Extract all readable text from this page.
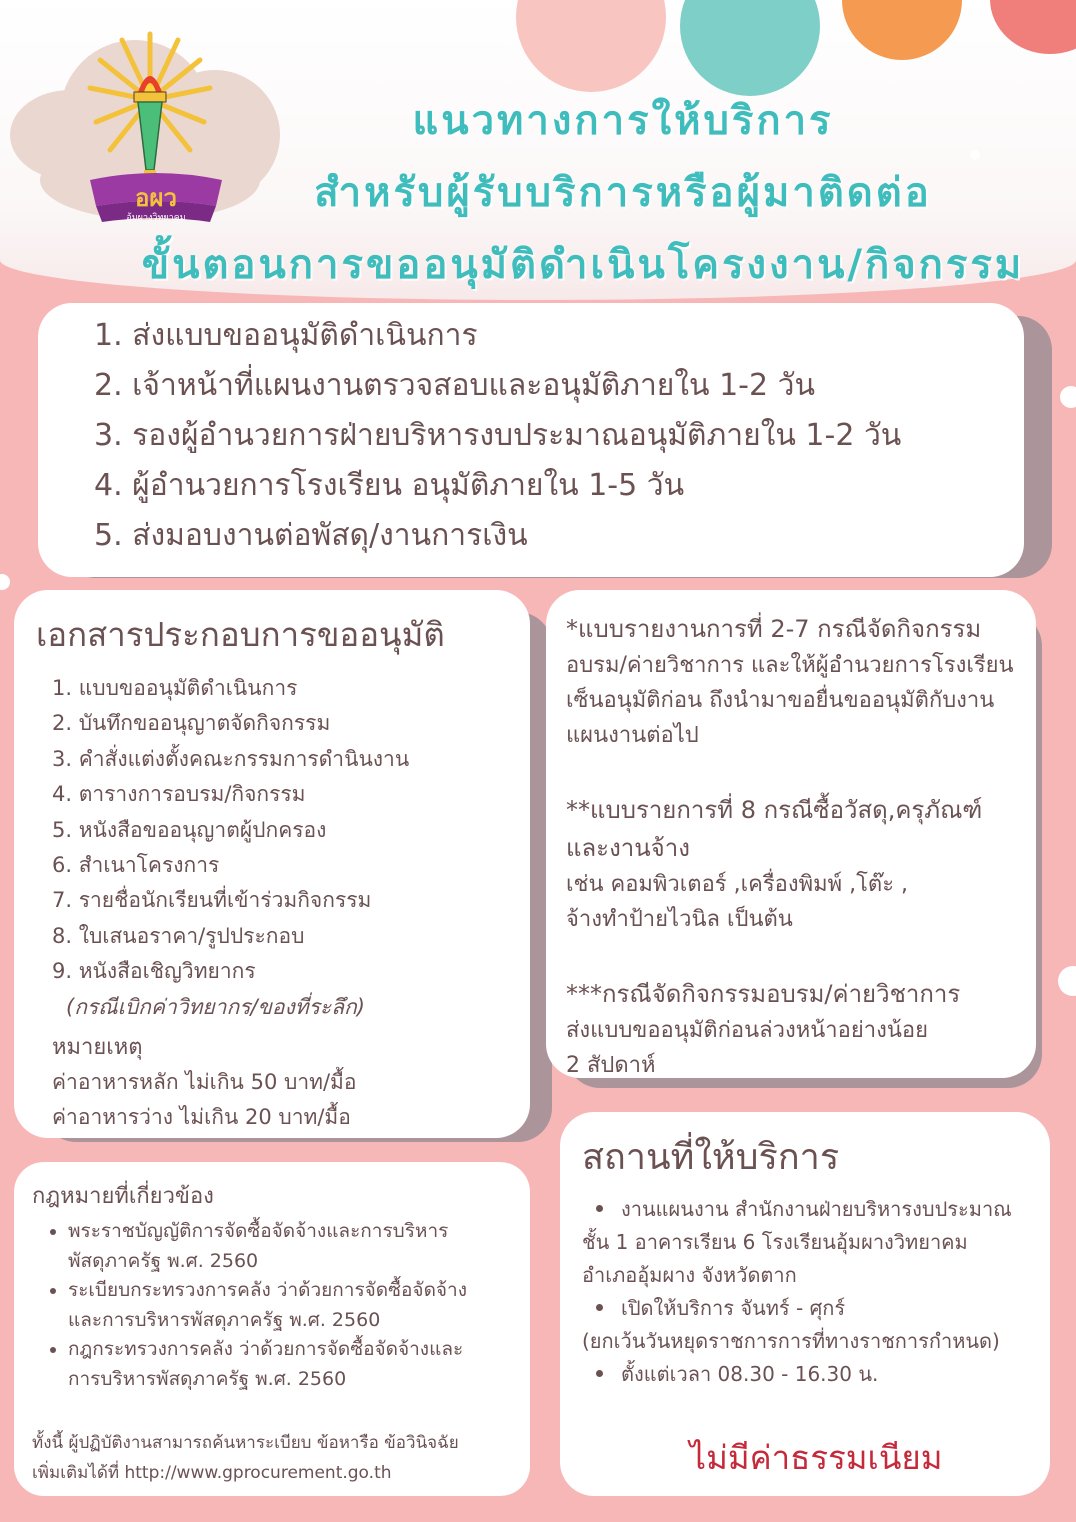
อผว
อุ้มผางวิทยาคม
แนวทางการให้บริการ
สำหรับผู้รับบริการหรือผู้มาติดต่อ
ขั้นตอนการขออนุมัติดำเนินโครงงาน/กิจกรรม
1. ส่งแบบขออนุมัติดำเนินการ
2. เจ้าหน้าที่แผนงานตรวจสอบและอนุมัติภายใน 1-2 วัน
3. รองผู้อำนวยการฝ่ายบริหารงบประมาณอนุมัติภายใน 1-2 วัน
4. ผู้อำนวยการโรงเรียน อนุมัติภายใน 1-5 วัน
5. ส่งมอบงานต่อพัสดุ/งานการเงิน
เอกสารประกอบการขออนุมัติ
1. แบบขออนุมัติดำเนินการ
2. บันทึกขออนุญาตจัดกิจกรรม
3. คำสั่งแต่งตั้งคณะกรรมการดำนินงาน
4. ตารางการอบรม/กิจกรรม
5. หนังสือขออนุญาตผู้ปกครอง
6. สำเนาโครงการ
7. รายชื่อนักเรียนที่เข้าร่วมกิจกรรม
8. ใบเสนอราคา/รูปประกอบ
9. หนังสือเชิญวิทยากร
(กรณีเบิกค่าวิทยากร/ของที่ระลึก)
หมายเหตุ
ค่าอาหารหลัก ไม่เกิน 50 บาท/มื้อ
ค่าอาหารว่าง ไม่เกิน 20 บาท/มื้อ

*แบบรายงานการที่ 2-7 กรณีจัดกิจกรรม

อบรม/ค่ายวิชาการ และให้ผู้อำนวยการโรงเรียน

เซ็นอนุมัติก่อน ถึงนำมาขอยื่นขออนุมัติกับงาน

แผนงานต่อไป

**แบบรายการที่ 8 กรณีซื้อวัสดุ,ครุภัณฑ์

และงานจ้าง

เช่น คอมพิวเตอร์ ,เครื่องพิมพ์ ,โต๊ะ ,

จ้างทำป้ายไวนิล เป็นต้น

***กรณีจัดกิจกรรมอบรม/ค่ายวิชาการ

ส่งแบบขออนุมัติก่อนล่วงหน้าอย่างน้อย

2 สัปดาห์

กฎหมายที่เกี่ยวข้อง
• พระราชบัญญัติการจัดซื้อจัดจ้างและการบริหาร
พัสดุภาครัฐ พ.ศ. 2560
• ระเบียบกระทรวงการคลัง ว่าด้วยการจัดซื้อจัดจ้าง
และการบริหารพัสดุภาครัฐ พ.ศ. 2560
• กฎกระทรวงการคลัง ว่าด้วยการจัดซื้อจัดจ้างและ
การบริหารพัสดุภาครัฐ พ.ศ. 2560
ทั้งนี้ ผู้ปฏิบัติงานสามารถค้นหาระเบียบ ข้อหารือ ข้อวินิจฉัย
เพิ่มเติมได้ที่ http://www.gprocurement.go.th
สถานที่ให้บริการ
งานแผนงาน สำนักงานฝ่ายบริหารงบประมาณ
ชั้น 1 อาคารเรียน 6 โรงเรียนอุ้มผางวิทยาคม
อำเภออุ้มผาง จังหวัดตาก
เปิดให้บริการ จันทร์ - ศุกร์
(ยกเว้นวันหยุดราชการการที่ทางราชการกำหนด)
ตั้งแต่เวลา 08.30 - 16.30 น.
ไม่มีค่าธรรมเนียม
